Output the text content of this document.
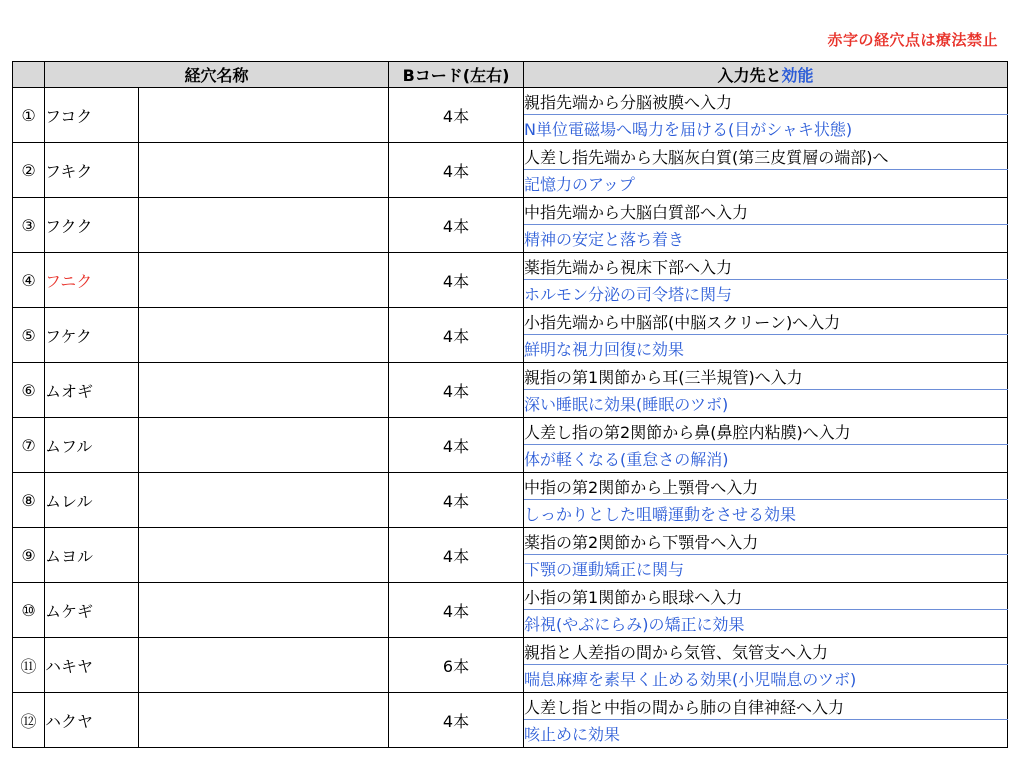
赤字の経穴点は療法禁止
	経穴名称		Bコード(左右)	入力先と効能
①	フコク		4本	親指先端から分脳被膜へ入力
				N単位電磁場へ喝力を届ける(目がシャキ状態)
②	フキク		4本	人差し指先端から大脳灰白質(第三皮質層の端部)へ
				記憶力のアップ
③	フクク		4本	中指先端から大脳白質部へ入力
				精神の安定と落ち着き
④	フニク		4本	薬指先端から視床下部へ入力
				ホルモン分泌の司令塔に関与
⑤	フケク		4本	小指先端から中脳部(中脳スクリーン)へ入力
				鮮明な視力回復に効果
⑥	ムオギ		4本	親指の第1関節から耳(三半規管)へ入力
				深い睡眠に効果(睡眠のツボ)
⑦	ムフル		4本	人差し指の第2関節から鼻(鼻腔内粘膜)へ入力
				体が軽くなる(重怠さの解消)
⑧	ムレル		4本	中指の第2関節から上顎骨へ入力
				しっかりとした咀嚼運動をさせる効果
⑨	ムヨル		4本	薬指の第2関節から下顎骨へ入力
				下顎の運動矯正に関与
⑩	ムケギ		4本	小指の第1関節から眼球へ入力
				斜視(やぶにらみ)の矯正に効果
⑪	ハキヤ		6本	親指と人差指の間から気管、気管支へ入力
				喘息麻痺を素早く止める効果(小児喘息のツボ)
⑫	ハクヤ		4本	人差し指と中指の間から肺の自律神経へ入力
				咳止めに効果
